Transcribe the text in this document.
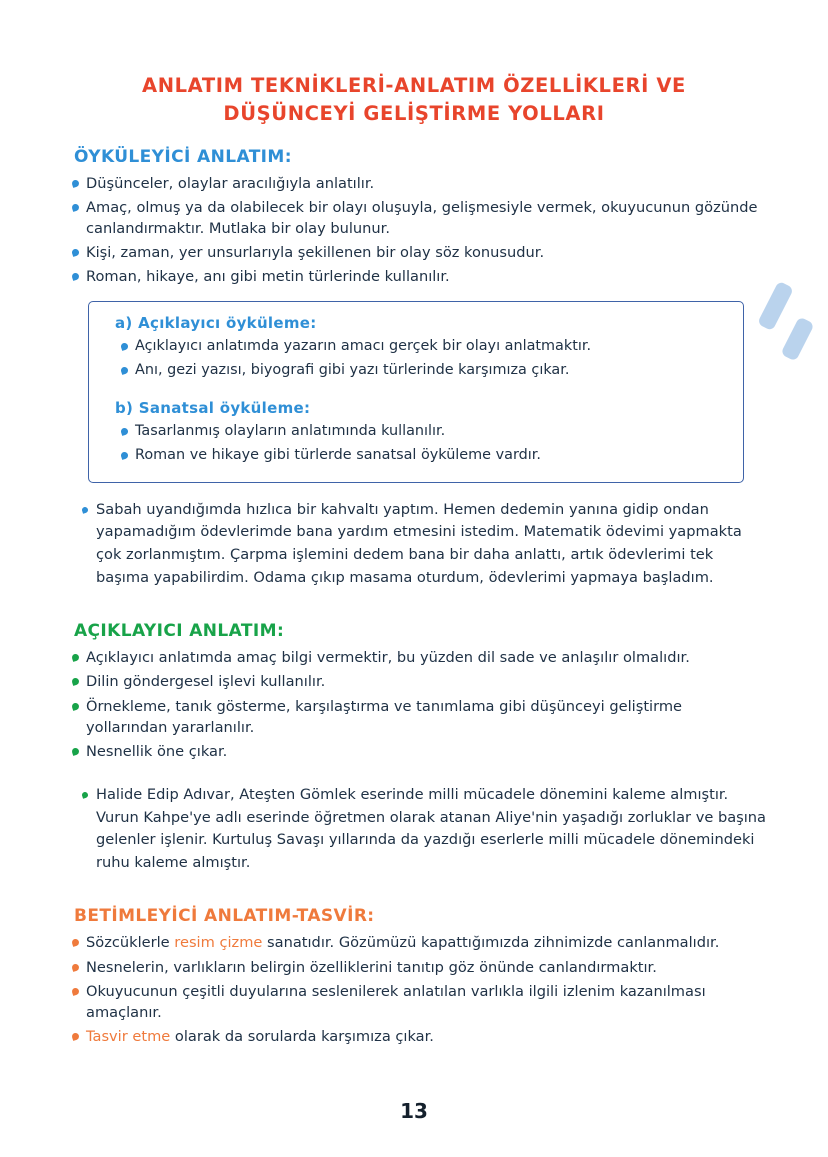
ANLATIM TEKNİKLERİ-ANLATIM ÖZELLİKLERİ VE
DÜŞÜNCEYİ GELİŞTİRME YOLLARI
ÖYKÜLEYİCİ ANLATIM:
Düşünceler, olaylar aracılığıyla anlatılır.
Amaç, olmuş ya da olabilecek bir olayı oluşuyla, gelişmesiyle vermek, okuyucunun gözünde canlandırmaktır. Mutlaka bir olay bulunur.
Kişi, zaman, yer unsurlarıyla şekillenen bir olay söz konusudur.
Roman, hikaye, anı gibi metin türlerinde kullanılır.
a) Açıklayıcı öyküleme:
Açıklayıcı anlatımda yazarın amacı gerçek bir olayı anlatmaktır.
Anı, gezi yazısı, biyografi gibi yazı türlerinde karşımıza çıkar.
b) Sanatsal öyküleme:
Tasarlanmış olayların anlatımında kullanılır.
Roman ve hikaye gibi türlerde sanatsal öyküleme vardır.
Sabah uyandığımda hızlıca bir kahvaltı yaptım. Hemen dedemin yanına gidip ondan yapamadığım ödevlerimde bana yardım etmesini istedim. Matematik ödevimi yapmakta çok zorlanmıştım. Çarpma işlemini dedem bana bir daha anlattı, artık ödevlerimi tek başıma yapabilirdim. Odama çıkıp masama oturdum, ödevlerimi yapmaya başladım.
AÇIKLAYICI ANLATIM:
Açıklayıcı anlatımda amaç bilgi vermektir, bu yüzden dil sade ve anlaşılır olmalıdır.
Dilin göndergesel işlevi kullanılır.
Örnekleme, tanık gösterme, karşılaştırma ve tanımlama gibi düşünceyi geliştirme yollarından yararlanılır.
Nesnellik öne çıkar.
Halide Edip Adıvar, Ateşten Gömlek eserinde milli mücadele dönemini kaleme almıştır. Vurun Kahpe'ye adlı eserinde öğretmen olarak atanan Aliye'nin yaşadığı zorluklar ve başına gelenler işlenir. Kurtuluş Savaşı yıllarında da yazdığı eserlerle milli mücadele dönemindeki ruhu kaleme almıştır.
BETİMLEYİCİ ANLATIM-TASVİR:
Sözcüklerle resim çizme sanatıdır. Gözümüzü kapattığımızda zihnimizde canlanmalıdır.
Nesnelerin, varlıkların belirgin özelliklerini tanıtıp göz önünde canlandırmaktır.
Okuyucunun çeşitli duyularına seslenilerek anlatılan varlıkla ilgili izlenim kazanılması amaçlanır.
Tasvir etme olarak da sorularda karşımıza çıkar.
13
